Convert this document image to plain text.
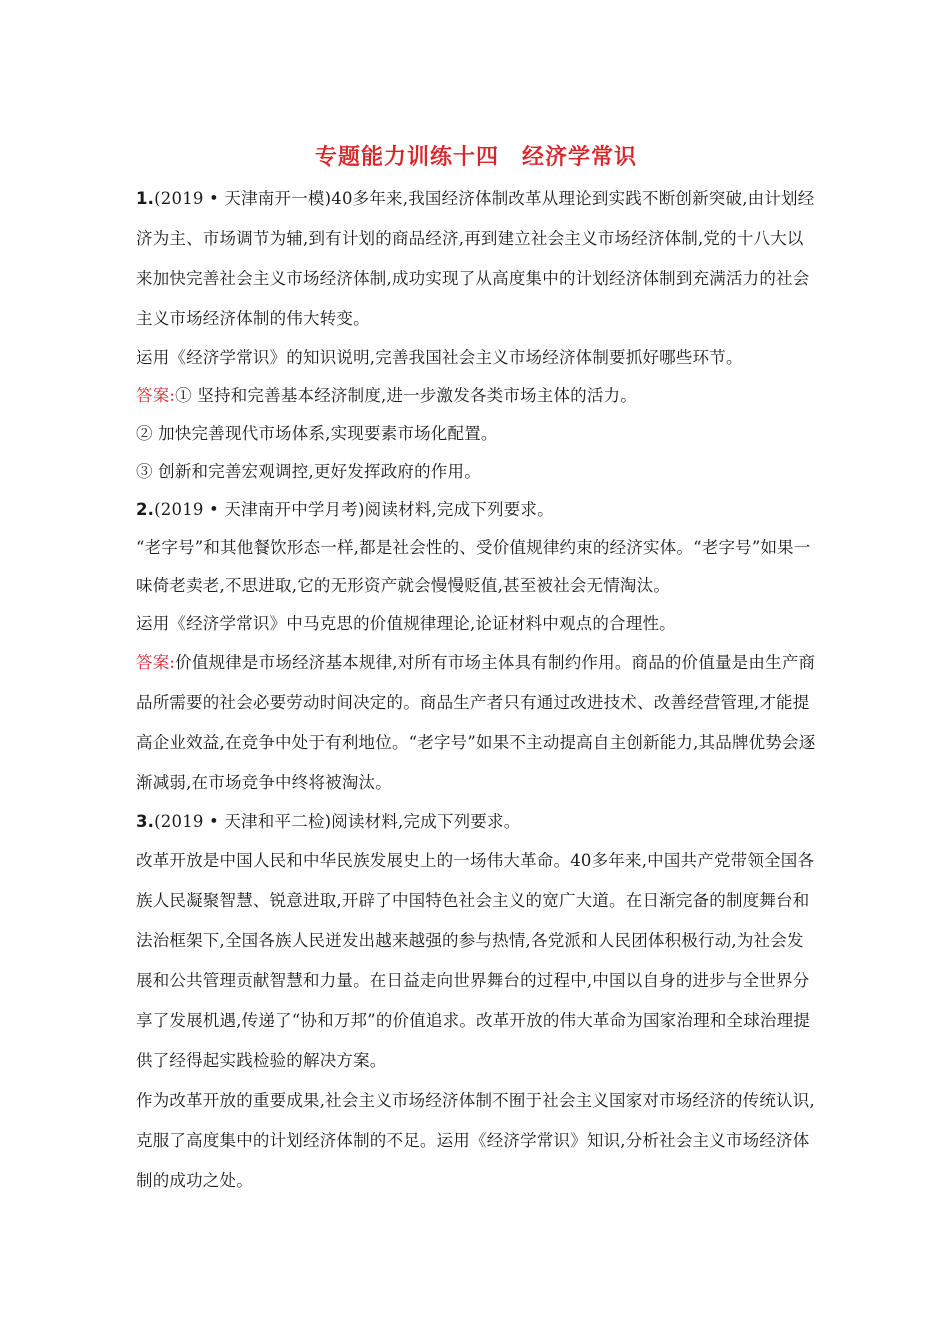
专题能力训练十四　经济学常识

1.(2019 • 天津南开一模)40多年来,我国经济体制改革从理论到实践不断创新突破,由计划经济为主、市场调节为辅,到有计划的商品经济,再到建立社会主义市场经济体制,党的十八大以来加快完善社会主义市场经济体制,成功实现了从高度集中的计划经济体制到充满活力的社会主义市场经济体制的伟大转变。

运用《经济学常识》的知识说明,完善我国社会主义市场经济体制要抓好哪些环节。

答案:① 坚持和完善基本经济制度,进一步激发各类市场主体的活力。

② 加快完善现代市场体系,实现要素市场化配置。

③ 创新和完善宏观调控,更好发挥政府的作用。

2.(2019 • 天津南开中学月考)阅读材料,完成下列要求。

“老字号”和其他餐饮形态一样,都是社会性的、受价值规律约束的经济实体。“老字号”如果一味倚老卖老,不思进取,它的无形资产就会慢慢贬值,甚至被社会无情淘汰。

运用《经济学常识》中马克思的价值规律理论,论证材料中观点的合理性。

答案:价值规律是市场经济基本规律,对所有市场主体具有制约作用。商品的价值量是由生产商品所需要的社会必要劳动时间决定的。商品生产者只有通过改进技术、改善经营管理,才能提高企业效益,在竞争中处于有利地位。“老字号”如果不主动提高自主创新能力,其品牌优势会逐渐减弱,在市场竞争中终将被淘汰。

3.(2019 • 天津和平二检)阅读材料,完成下列要求。

改革开放是中国人民和中华民族发展史上的一场伟大革命。40多年来,中国共产党带领全国各族人民凝聚智慧、锐意进取,开辟了中国特色社会主义的宽广大道。在日渐完备的制度舞台和法治框架下,全国各族人民迸发出越来越强的参与热情,各党派和人民团体积极行动,为社会发展和公共管理贡献智慧和力量。在日益走向世界舞台的过程中,中国以自身的进步与全世界分享了发展机遇,传递了“协和万邦”的价值追求。改革开放的伟大革命为国家治理和全球治理提供了经得起实践检验的解决方案。

作为改革开放的重要成果,社会主义市场经济体制不囿于社会主义国家对市场经济的传统认识,克服了高度集中的计划经济体制的不足。运用《经济学常识》知识,分析社会主义市场经济体制的成功之处。
